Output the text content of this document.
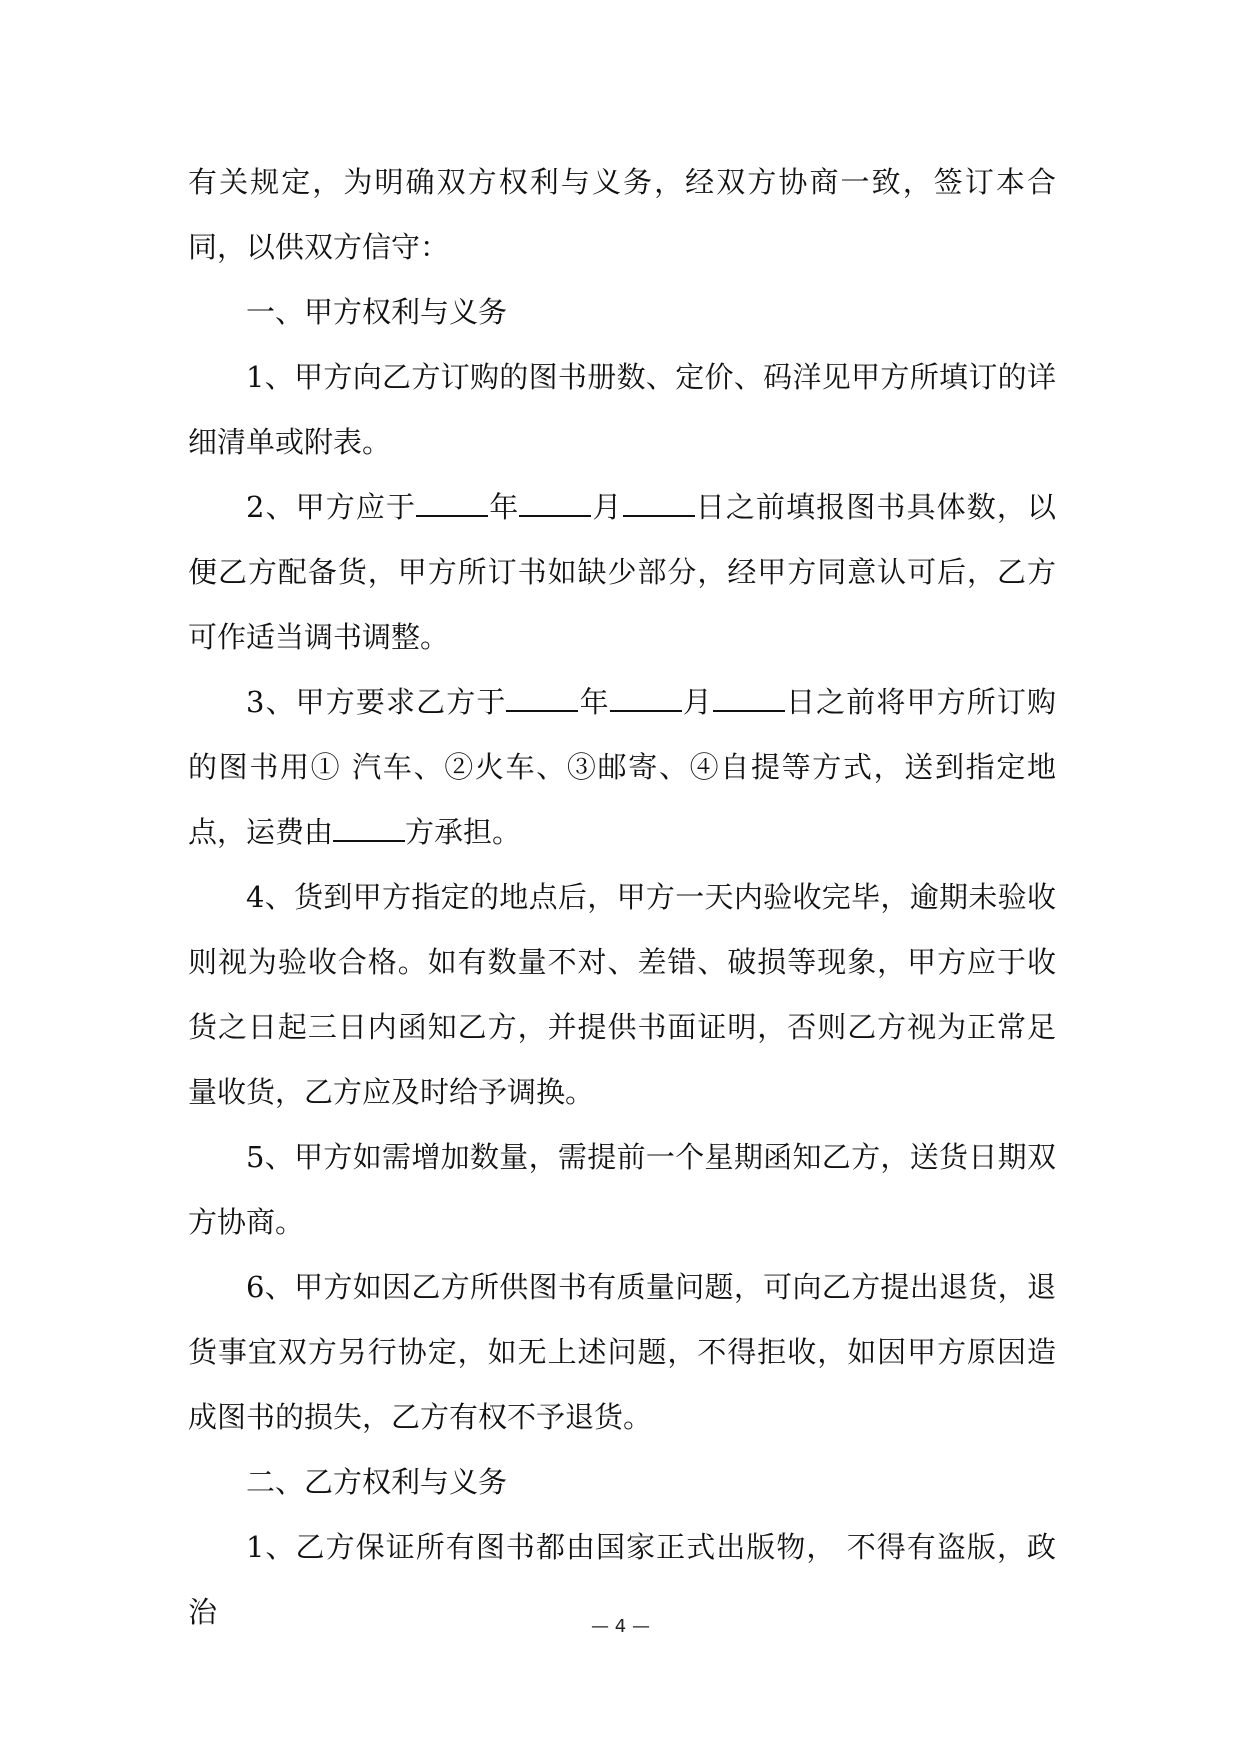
有关规定，为明确双方权利与义务，经双方协商一致，签订本合同，以供双方信守：

一、甲方权利与义务

1、甲方向乙方订购的图书册数、定价、码洋见甲方所填订的详细清单或附表。

2、甲方应于 年 月 日之前填报图书具体数，以便乙方配备货，甲方所订书如缺少部分，经甲方同意认可后，乙方可作适当调书调整。

3、甲方要求乙方于 年 月 日之前将甲方所订购的图书用① 汽车、②火车、③邮寄、④自提等方式，送到指定地点，运费由 方承担。

4、货到甲方指定的地点后，甲方一天内验收完毕，逾期未验收则视为验收合格。如有数量不对、差错、破损等现象，甲方应于收货之日起三日内函知乙方，并提供书面证明，否则乙方视为正常足量收货，乙方应及时给予调换。

5、甲方如需增加数量，需提前一个星期函知乙方，送货日期双方协商。

6、甲方如因乙方所供图书有质量问题，可向乙方提出退货，退货事宜双方另行协定，如无上述问题，不得拒收，如因甲方原因造成图书的损失，乙方有权不予退货。

二、乙方权利与义务

1、乙方保证所有图书都由国家正式出版物， 不得有盗版，政治	— 4 —
